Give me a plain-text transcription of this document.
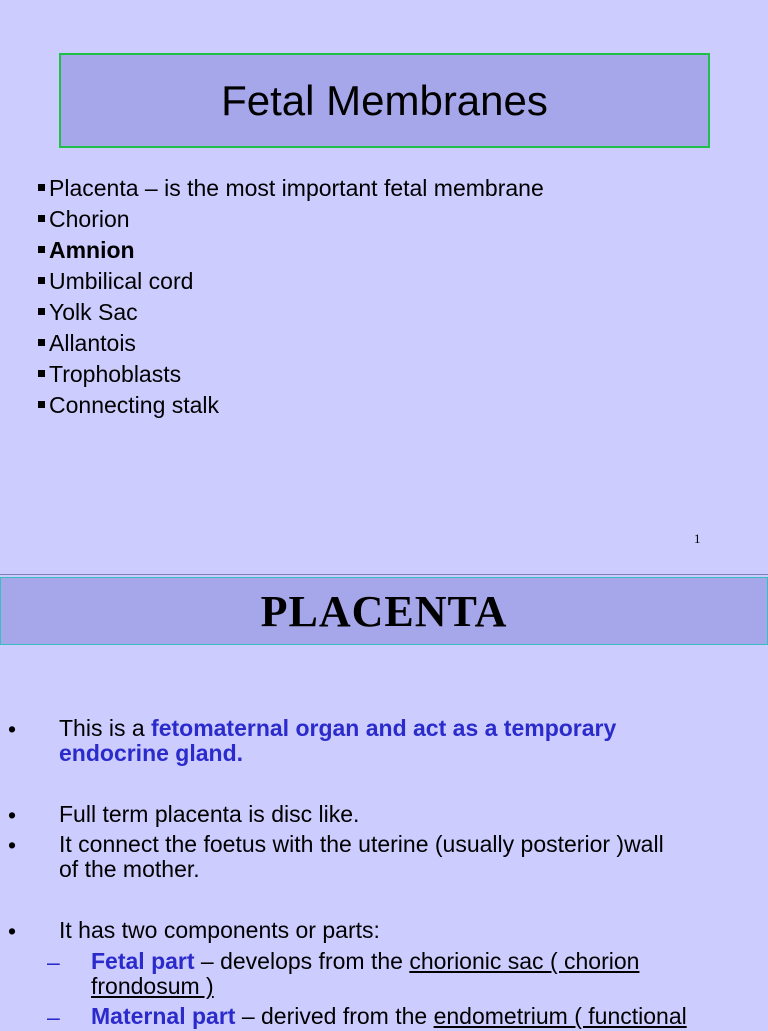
Fetal Membranes
Placenta – is the most important fetal membrane
Chorion
Amnion
Umbilical cord
Yolk Sac
Allantois
Trophoblasts
Connecting stalk
1
PLACENTA
• This is a fetomaternal organ and act as a temporary
endocrine gland.
• Full term placenta is disc like.
• It connect the foetus with the uterine (usually posterior )wall
of the mother.
• It has two components or parts:
– Fetal part – develops from the chorionic sac ( chorion
frondosum )
– Maternal part – derived from the endometrium ( functional
